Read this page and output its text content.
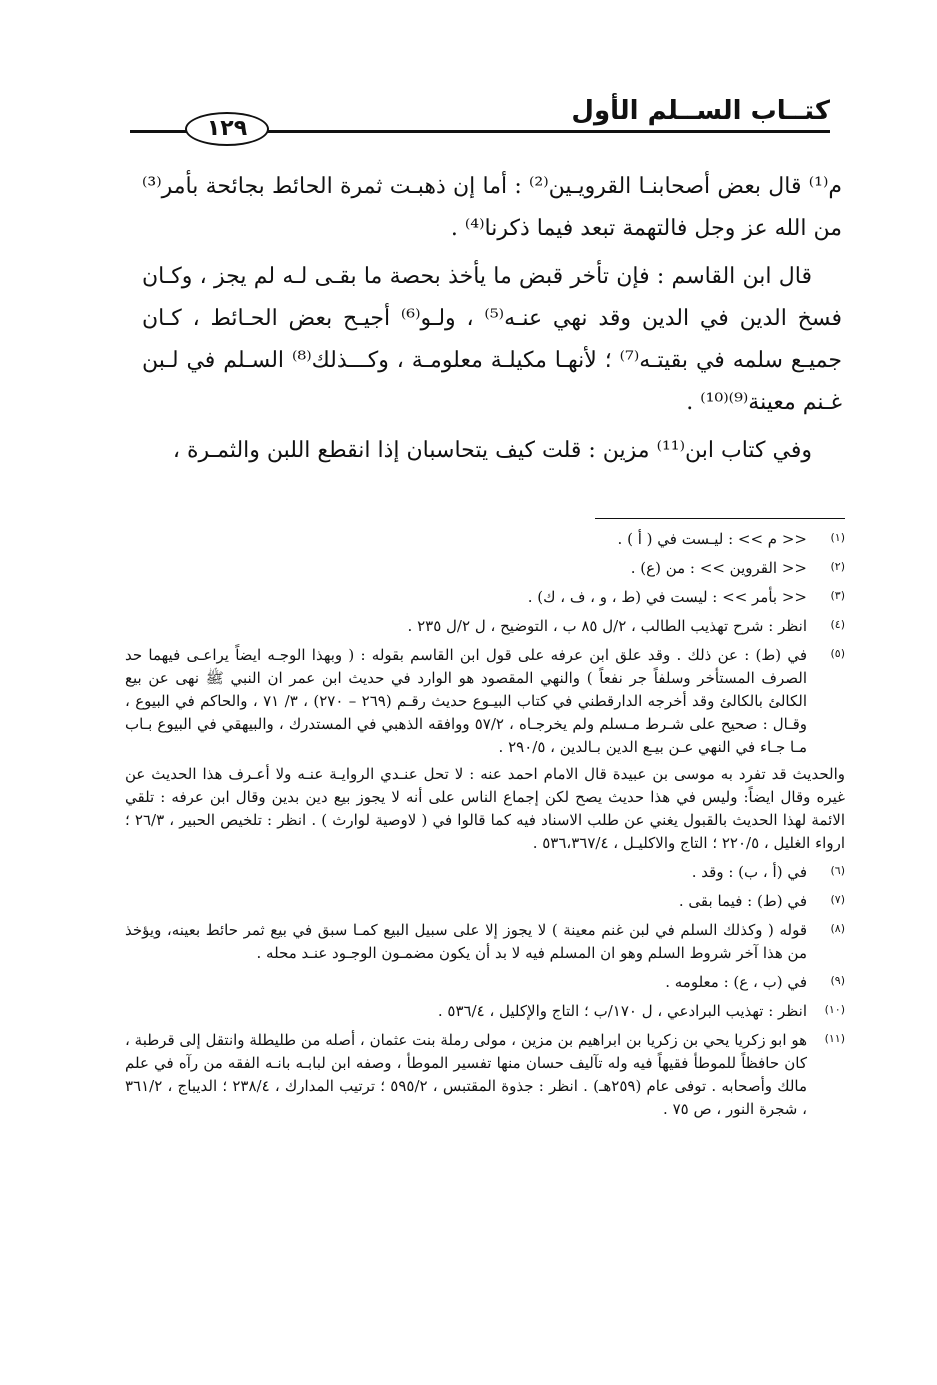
كتــاب الســلم الأول
١٢٩

م⁽¹⁾ قال بعض أصحابنـا القرويـين⁽²⁾ : أما إن ذهبـت ثمرة الحائط بجائحة بأمر⁽³⁾ من الله عز وجل فالتهمة تبعد فيما ذكرنا⁽⁴⁾ .

قال ابن القاسم : فإن تأخر قبض ما يأخذ بحصة ما بقـى لـه لم يجز ، وكـان فسخ الدين في الدين وقد نهي عنـه⁽⁵⁾ ، ولـو⁽⁶⁾ أجيـح بعض الحـائط ، كـان جميـع سلمه في بقيتـه⁽⁷⁾ ؛ لأنهـا مكيلـة معلومـة ، وكـــذلك⁽⁸⁾ السـلم في لـبن غـنم معينة⁽⁹⁾⁽¹⁰⁾ .

وفي كتاب ابن⁽¹¹⁾ مزين : قلت كيف يتحاسبان إذا انقطع اللبن والثمـرة ،

(١)
<< م >> : ليـست في ( أ ) .
(٢)
<< القروين >> : من (ع) .
(٣)
<< بأمر >> : ليست في (ط ، و ، ف ، ك) .
(٤)
انظر : شرح تهذيب الطالب ، ٢/ل ٨٥ ب ، التوضيح ، ل ٢/ل ٢٣٥ .
(٥)
في (ط) : عن ذلك . وقد علق ابن عرفه على قول ابن القاسم بقوله : ( وبهذا الوجـه ايضاً يراعـى فيهما حد الصرف المستأخر وسلفاً جر نفعاً ) والنهي المقصود هو الوارد في حديث ابن عمر ان النبي ﷺ نهى عن بيع الكالئ بالكالئ وقد أخرجه الدارقطني في كتاب البيـوع حديث رقـم (٢٦٩ – ٢٧٠) ، ٣/ ٧١ ، والحاكم في البيوع ، وقـال : صحيح على شـرط مـسلم ولم يخرجـاه ، ٥٧/٢ ووافقه الذهبي في المستدرك ، والبيهقي في البيوع بـاب مـا جـاء في النهي عـن بيـع الدين بـالدين ، ٢٩٠/٥ .
والحديث قد تفرد به موسى بن عبيدة قال الامام احمد عنه : لا تحل عنـدي الروايـة عنـه ولا أعـرف هذا الحديث عن غيره وقال ايضاً: وليس في هذا حديث يصح لكن إجماع الناس على أنه لا يجوز بيع دين بدين وقال ابن عرفه : تلقي الائمة لهذا الحديث بالقبول يغني عن طلب الاسناد فيه كما قالوا في ( لاوصية لوارث ) . انظر : تلخيص الحبير ، ٢٦/٣ ؛ ارواء الغليل ، ٢٢٠/٥ ؛ التاج والاكليـل ، ٥٣٦،٣٦٧/٤ .
(٦)
في (أ ، ب) : وقد .
(٧)
في (ط) : فيما بقى .
(٨)
قوله ( وكذلك السلم في لبن غنم معينة ) لا يجوز إلا على سبيل البيع كمـا سبق في بيع ثمر حائط بعينه، ويؤخذ من هذا آخر شروط السلم وهو ان المسلم فيه لا بد أن يكون مضمـون الوجـود عنـد محله .
(٩)
في (ب ، ع) : معلومه .
(١٠)
انظر : تهذيب البرادعي ، ل ١٧٠/ب ؛ التاج والإكليل ، ٥٣٦/٤ .
(١١)
هو ابو زكريا يحي بن زكريا بن ابراهيم بن مزين ، مولى رملة بنت عثمان ، أصله من طليطلة وانتقل إلى قرطبة ، كان حافظاً للموطأ فقيهاً فيه وله تآليف حسان منها تفسير الموطأ ، وصفه ابن لبابـه بانـه الفقه من رآه في علم مالك وأصحابه . توفى عام (٢٥٩هـ) . انظر : جذوة المقتبس ، ٥٩٥/٢ ؛ ترتيب المدارك ، ٢٣٨/٤ ؛ الديباج ، ٣٦١/٢ ، شجرة النور ، ص ٧٥ .
